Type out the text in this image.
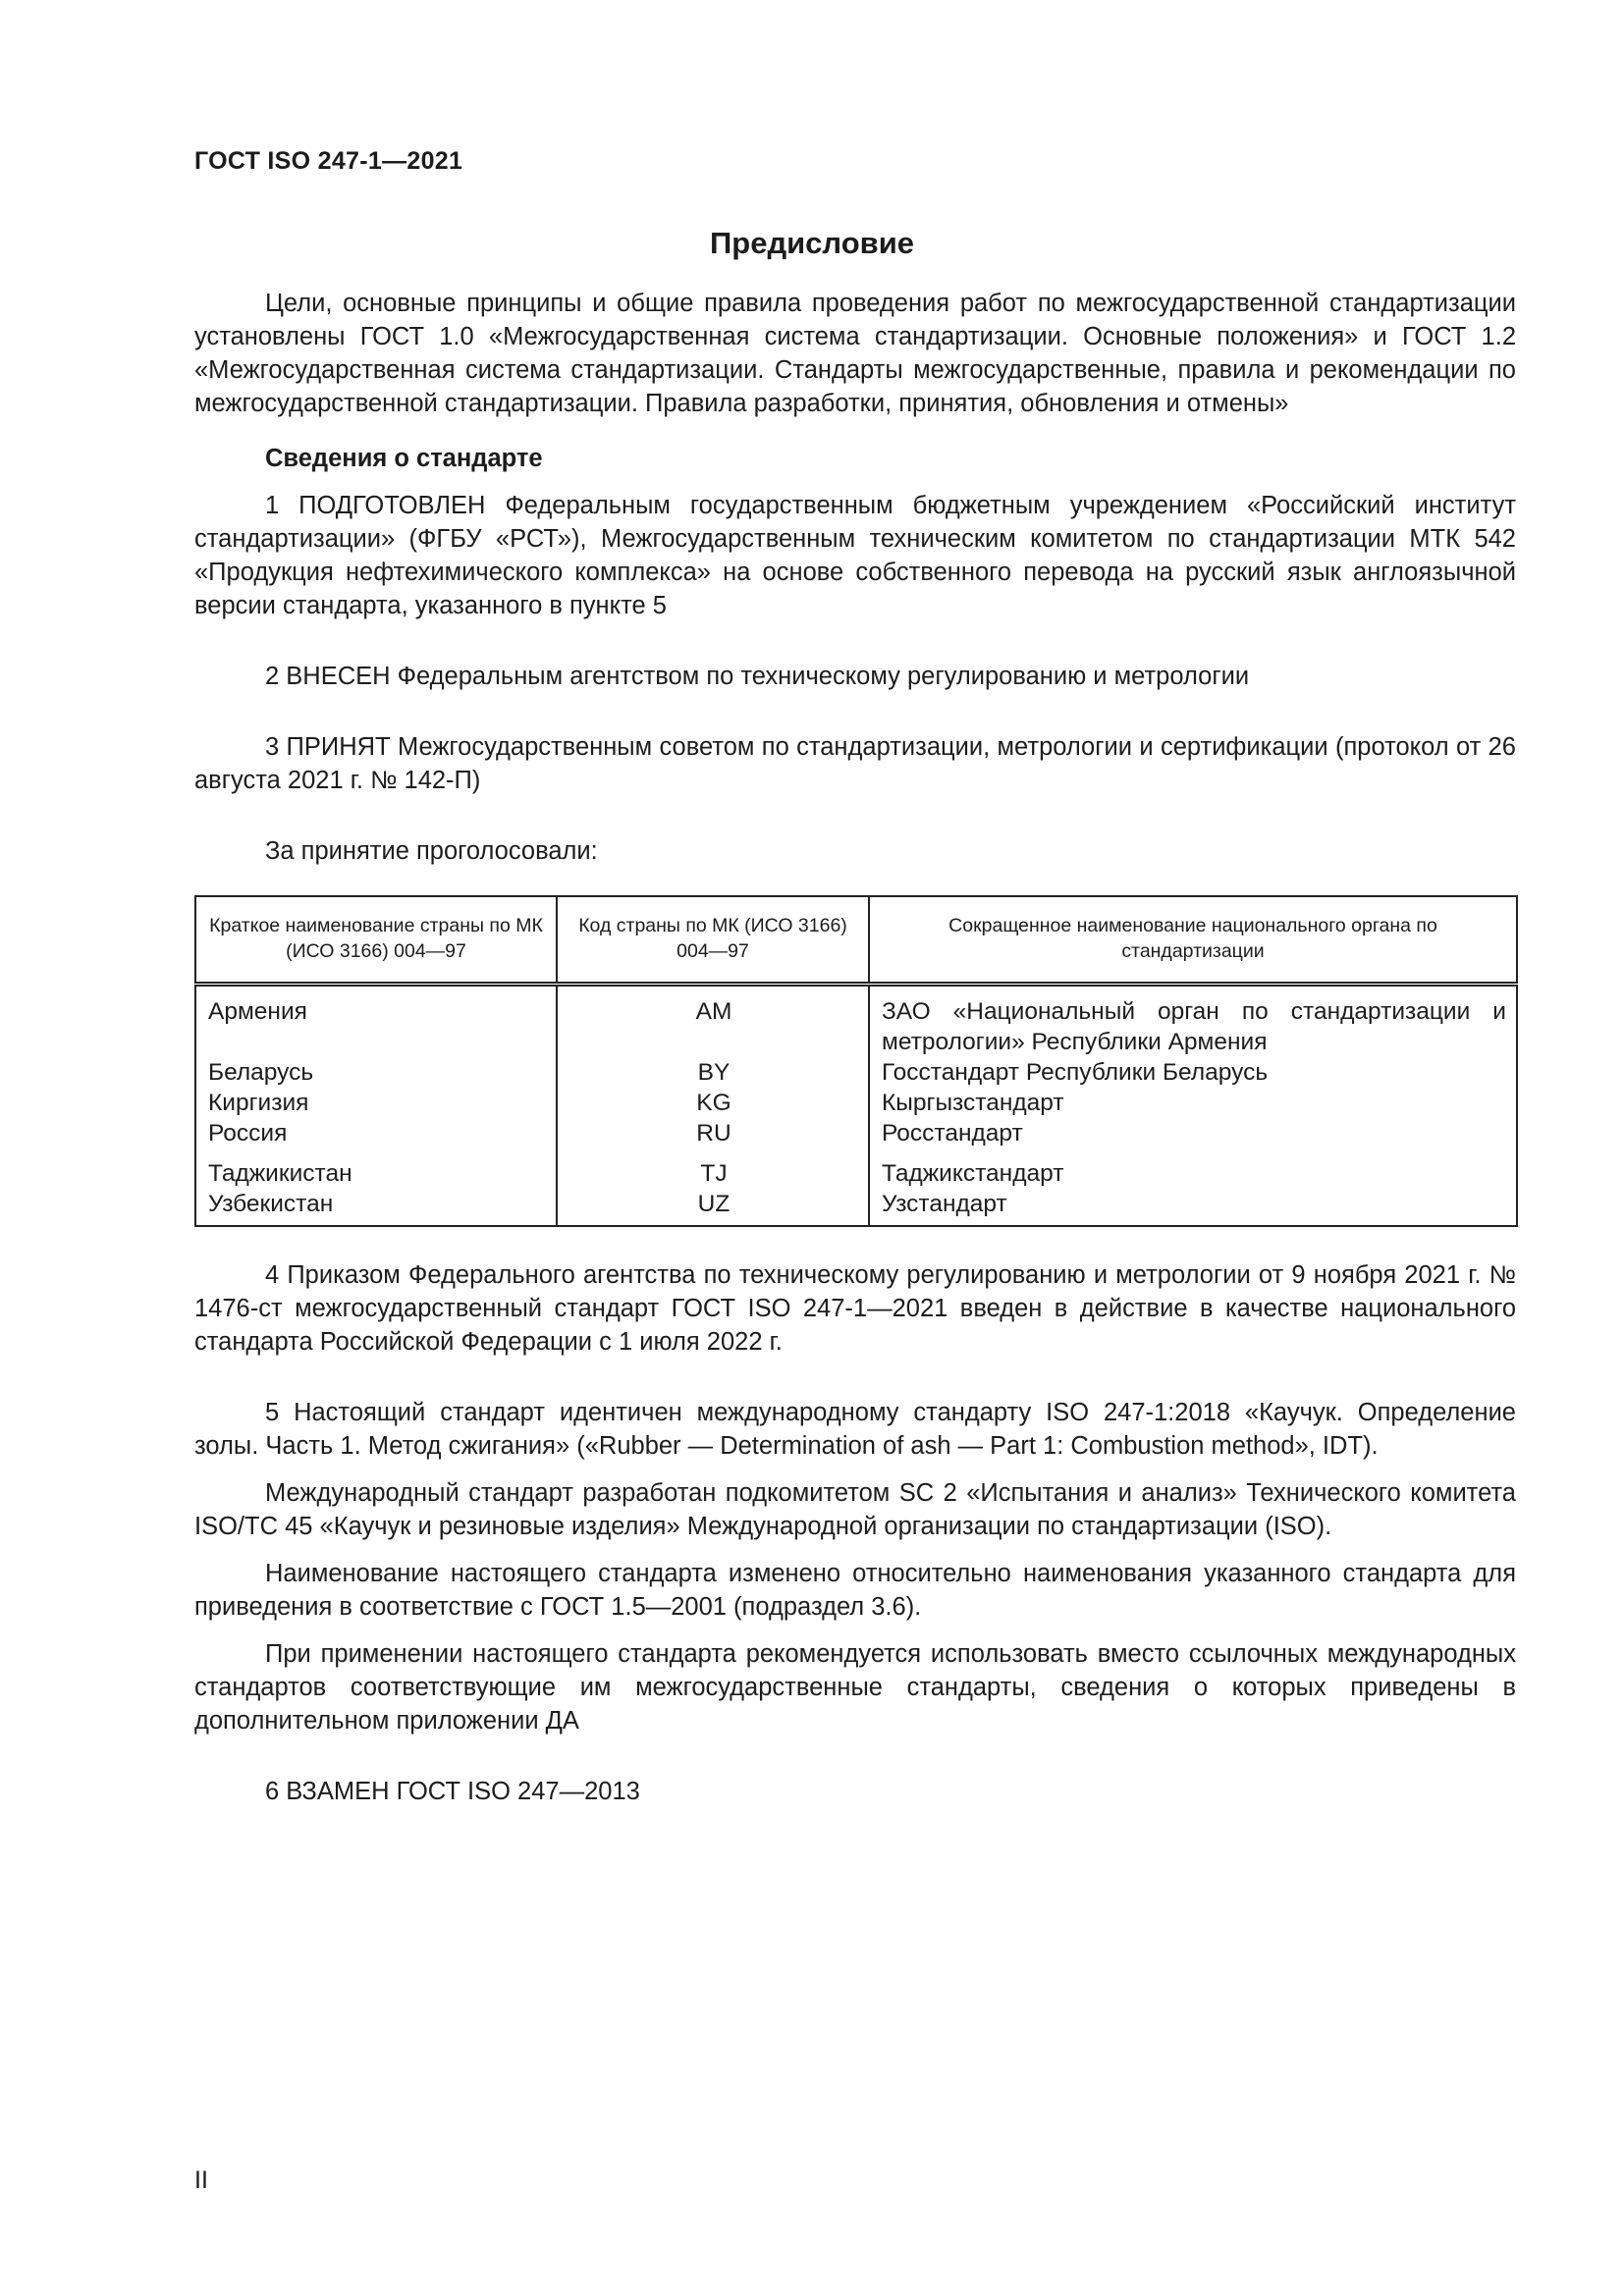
ГОСТ ISO 247-1—2021
Предисловие

Цели, основные принципы и общие правила проведения работ по межгосударственной стандартизации установлены ГОСТ 1.0 «Межгосударственная система стандартизации. Основные положения» и ГОСТ 1.2 «Межгосударственная система стандартизации. Стандарты межгосударственные, правила и рекомендации по межгосударственной стандартизации. Правила разработки, принятия, обновления и отмены»

Сведения о стандарте

1 ПОДГОТОВЛЕН Федеральным государственным бюджетным учреждением «Российский институт стандартизации» (ФГБУ «РСТ»), Межгосударственным техническим комитетом по стандартизации МТК 542 «Продукция нефтехимического комплекса» на основе собственного перевода на русский язык англоязычной версии стандарта, указанного в пункте 5

2 ВНЕСЕН Федеральным агентством по техническому регулированию и метрологии

3 ПРИНЯТ Межгосударственным советом по стандартизации, метрологии и сертификации (протокол от 26 августа 2021 г. № 142-П)

За принятие проголосовали:

Краткое наименование страны по МК (ИСО 3166) 004—97	Код страны по МК (ИСО 3166) 004—97	Сокращенное наименование национального органа по стандартизации
Армения	AM	ЗАО «Национальный орган по стандартизации и метрологии» Республики Армения
Беларусь	BY	Госстандарт Республики Беларусь
Киргизия	KG	Кыргызстандарт
Россия	RU	Росстандарт
Таджикистан	TJ	Таджикстандарт
Узбекистан	UZ	Узстандарт

4 Приказом Федерального агентства по техническому регулированию и метрологии от 9 ноября 2021 г. № 1476-ст межгосударственный стандарт ГОСТ ISO 247-1—2021 введен в действие в качестве национального стандарта Российской Федерации с 1 июля 2022 г.

5 Настоящий стандарт идентичен международному стандарту ISO 247-1:2018 «Каучук. Определение золы. Часть 1. Метод сжигания» («Rubber — Determination of ash — Part 1: Combustion method», IDT).

Международный стандарт разработан подкомитетом SC 2 «Испытания и анализ» Технического комитета ISO/TC 45 «Каучук и резиновые изделия» Международной организации по стандартизации (ISO).

Наименование настоящего стандарта изменено относительно наименования указанного стандарта для приведения в соответствие с ГОСТ 1.5—2001 (подраздел 3.6).

При применении настоящего стандарта рекомендуется использовать вместо ссылочных международных стандартов соответствующие им межгосударственные стандарты, сведения о которых приведены в дополнительном приложении ДА

6 ВЗАМЕН ГОСТ ISO 247—2013

II
